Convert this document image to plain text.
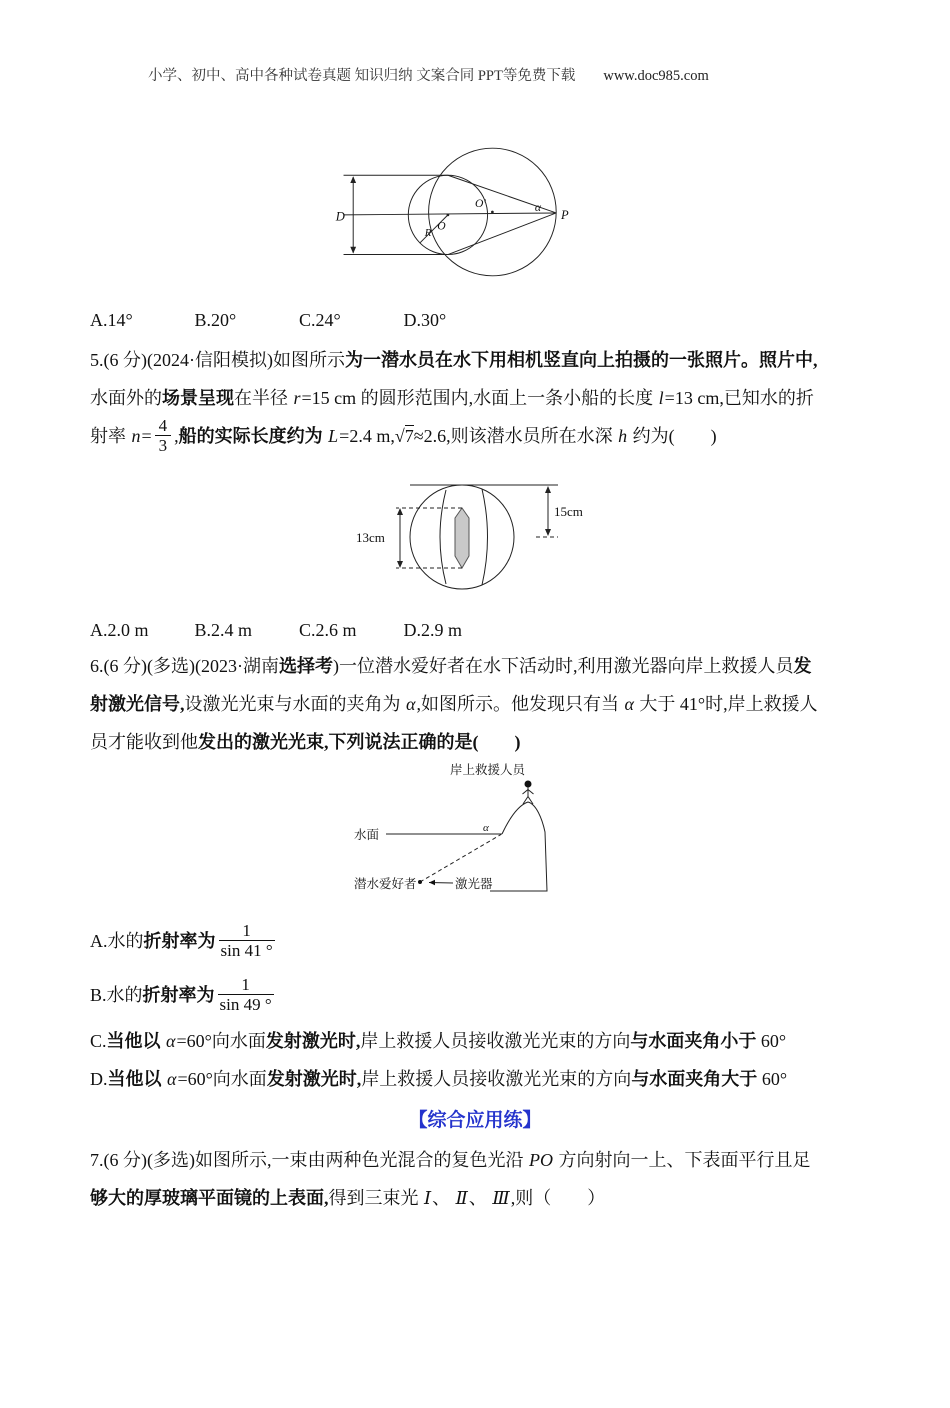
小学、初中、高中各种试卷真题 知识归纳 文案合同 PPT等免费下载 www.doc985.com
D
O′
O
R
α
P
A.14°	B.20°	C.24°	D.30°
5.(6 分)(2024·信阳模拟)如图所示为一潜水员在水下用相机竖直向上拍摄的一张照片。照片中,
水面外的场景呈现在半径 r=15 cm 的圆形范围内,水面上一条小船的长度 l=13 cm,已知水的折
射率 $n= \frac{4}{3}$ ,船的实际长度约为 L=2.4 m,√7≈2.6,则该潜水员所在水深 h 约为(　　)
13cm
15cm
A.2.0 m	B.2.4 m	C.2.6 m	D.2.9 m
6.(6 分)(多选)(2023·湖南选择考)一位潜水爱好者在水下活动时,利用激光器向岸上救援人员发
射激光信号,设激光光束与水面的夹角为 α,如图所示。他发现只有当 α 大于 41°时,岸上救援人
员才能收到他发出的激光光束,下列说法正确的是(　　)
岸上救援人员
水面	α
潜水爱好者	激光器
A.水的折射率为 $\frac{1}{\sin 41 ^\circ}$
B.水的折射率为 $\frac{1}{\sin 49 ^\circ}$
C.当他以 α=60°向水面发射激光时,岸上救援人员接收激光光束的方向与水面夹角小于 60°
D.当他以 α=60°向水面发射激光时,岸上救援人员接收激光光束的方向与水面夹角大于 60°
【综合应用练】
7.(6 分)(多选)如图所示,一束由两种色光混合的复色光沿 PO 方向射向一上、下表面平行且足
够大的厚玻璃平面镜的上表面,得到三束光 Ⅰ、 Ⅱ、 Ⅲ,则（　　）
